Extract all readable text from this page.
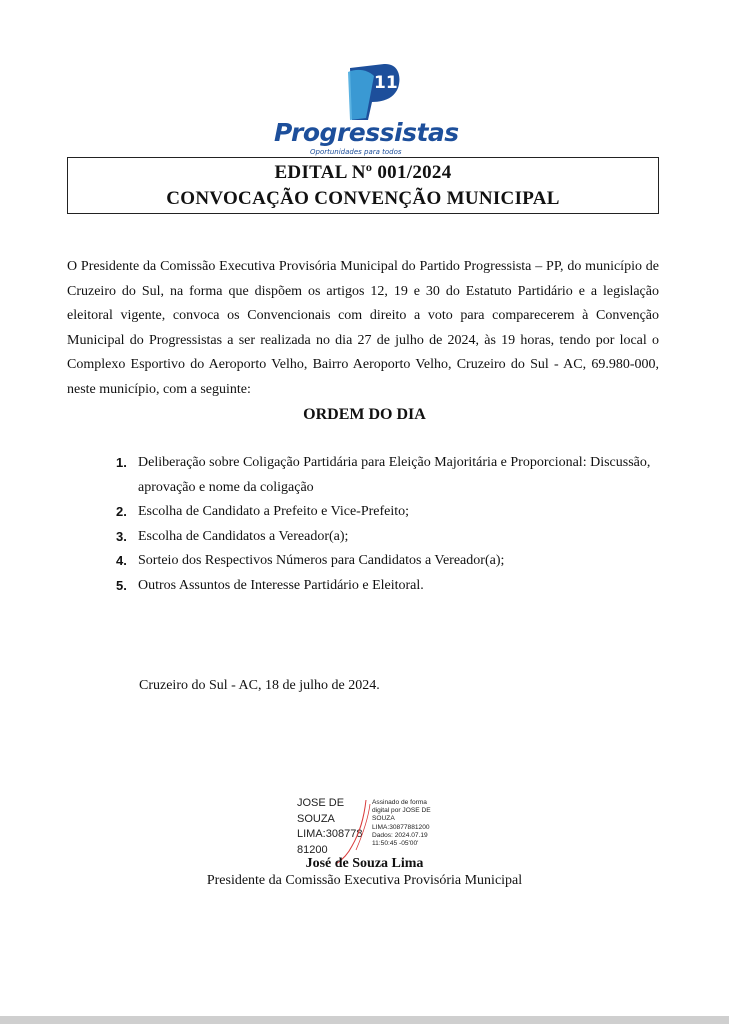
11
Progressistas
Oportunidades para todos
EDITAL Nº 001/2024
CONVOCAÇÃO CONVENÇÃO MUNICIPAL

O Presidente da Comissão Executiva Provisória Municipal do Partido Progressista – PP, do município de Cruzeiro do Sul, na forma que dispõem os artigos 12, 19 e 30 do Estatuto Partidário e a legislação eleitoral vigente, convoca os Convencionais com direito a voto para comparecerem à Convenção Municipal do Progressistas a ser realizada no dia 27 de julho de 2024, às 19 horas, tendo por local o Complexo Esportivo do Aeroporto Velho, Bairro Aeroporto Velho, Cruzeiro do Sul - AC, 69.980-000, neste município, com a seguinte:

ORDEM DO DIA
1. Deliberação sobre Coligação Partidária para Eleição Majoritária e Proporcional: Discussão, aprovação e nome da coligação
2. Escolha de Candidato a Prefeito e Vice-Prefeito;
3. Escolha de Candidatos a Vereador(a);
4. Sorteio dos Respectivos Números para Candidatos a Vereador(a);
5. Outros Assuntos de Interesse Partidário e Eleitoral.
Cruzeiro do Sul - AC, 18 de julho de 2024.
JOSE DE
SOUZA
LIMA:308778
81200
Assinado de forma
digital por JOSE DE
SOUZA
LIMA:30877881200
Dados: 2024.07.19
11:50:45 -05'00'
José de Souza Lima
Presidente da Comissão Executiva Provisória Municipal
